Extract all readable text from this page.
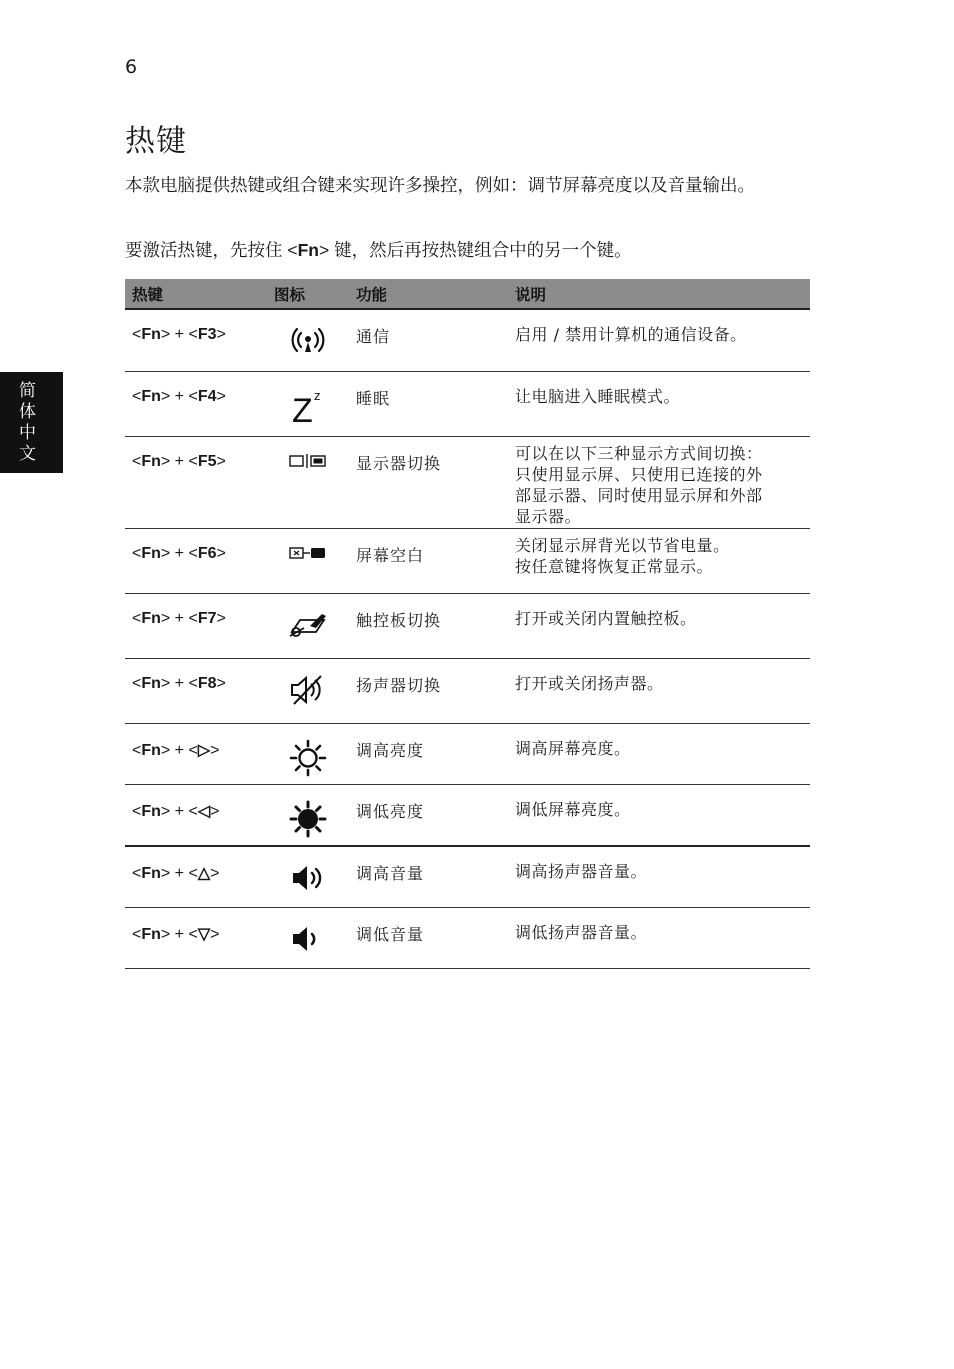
6
简
体
中
文
热键

本款电脑提供热键或组合键来实现许多操控，例如：调节屏幕亮度以及音量输出。

要激活热键，先按住 <Fn> 键，然后再按热键组合中的另一个键。

热键	图标	功能	说明
<Fn> + <F3>		通信	启用 / 禁用计算机的通信设备。

<Fn> + <F4>	Z z	睡眠	让电脑进入睡眠模式。

<Fn> + <F5>		显示器切换	可以在以下三种显示方式间切换：
只使用显示屏、只使用已连接的外
部显示器、同时使用显示屏和外部
显示器。

<Fn> + <F6>		屏幕空白	关闭显示屏背光以节省电量。
按任意键将恢复正常显示。

<Fn> + <F7>		触控板切换	打开或关闭内置触控板。

<Fn> + <F8>		扬声器切换	打开或关闭扬声器。

<Fn> + <▷>		调高亮度	调高屏幕亮度。

<Fn> + <◁>		调低亮度	调低屏幕亮度。

<Fn> + <△>		调高音量	调高扬声器音量。

<Fn> + <▽>		调低音量	调低扬声器音量。
